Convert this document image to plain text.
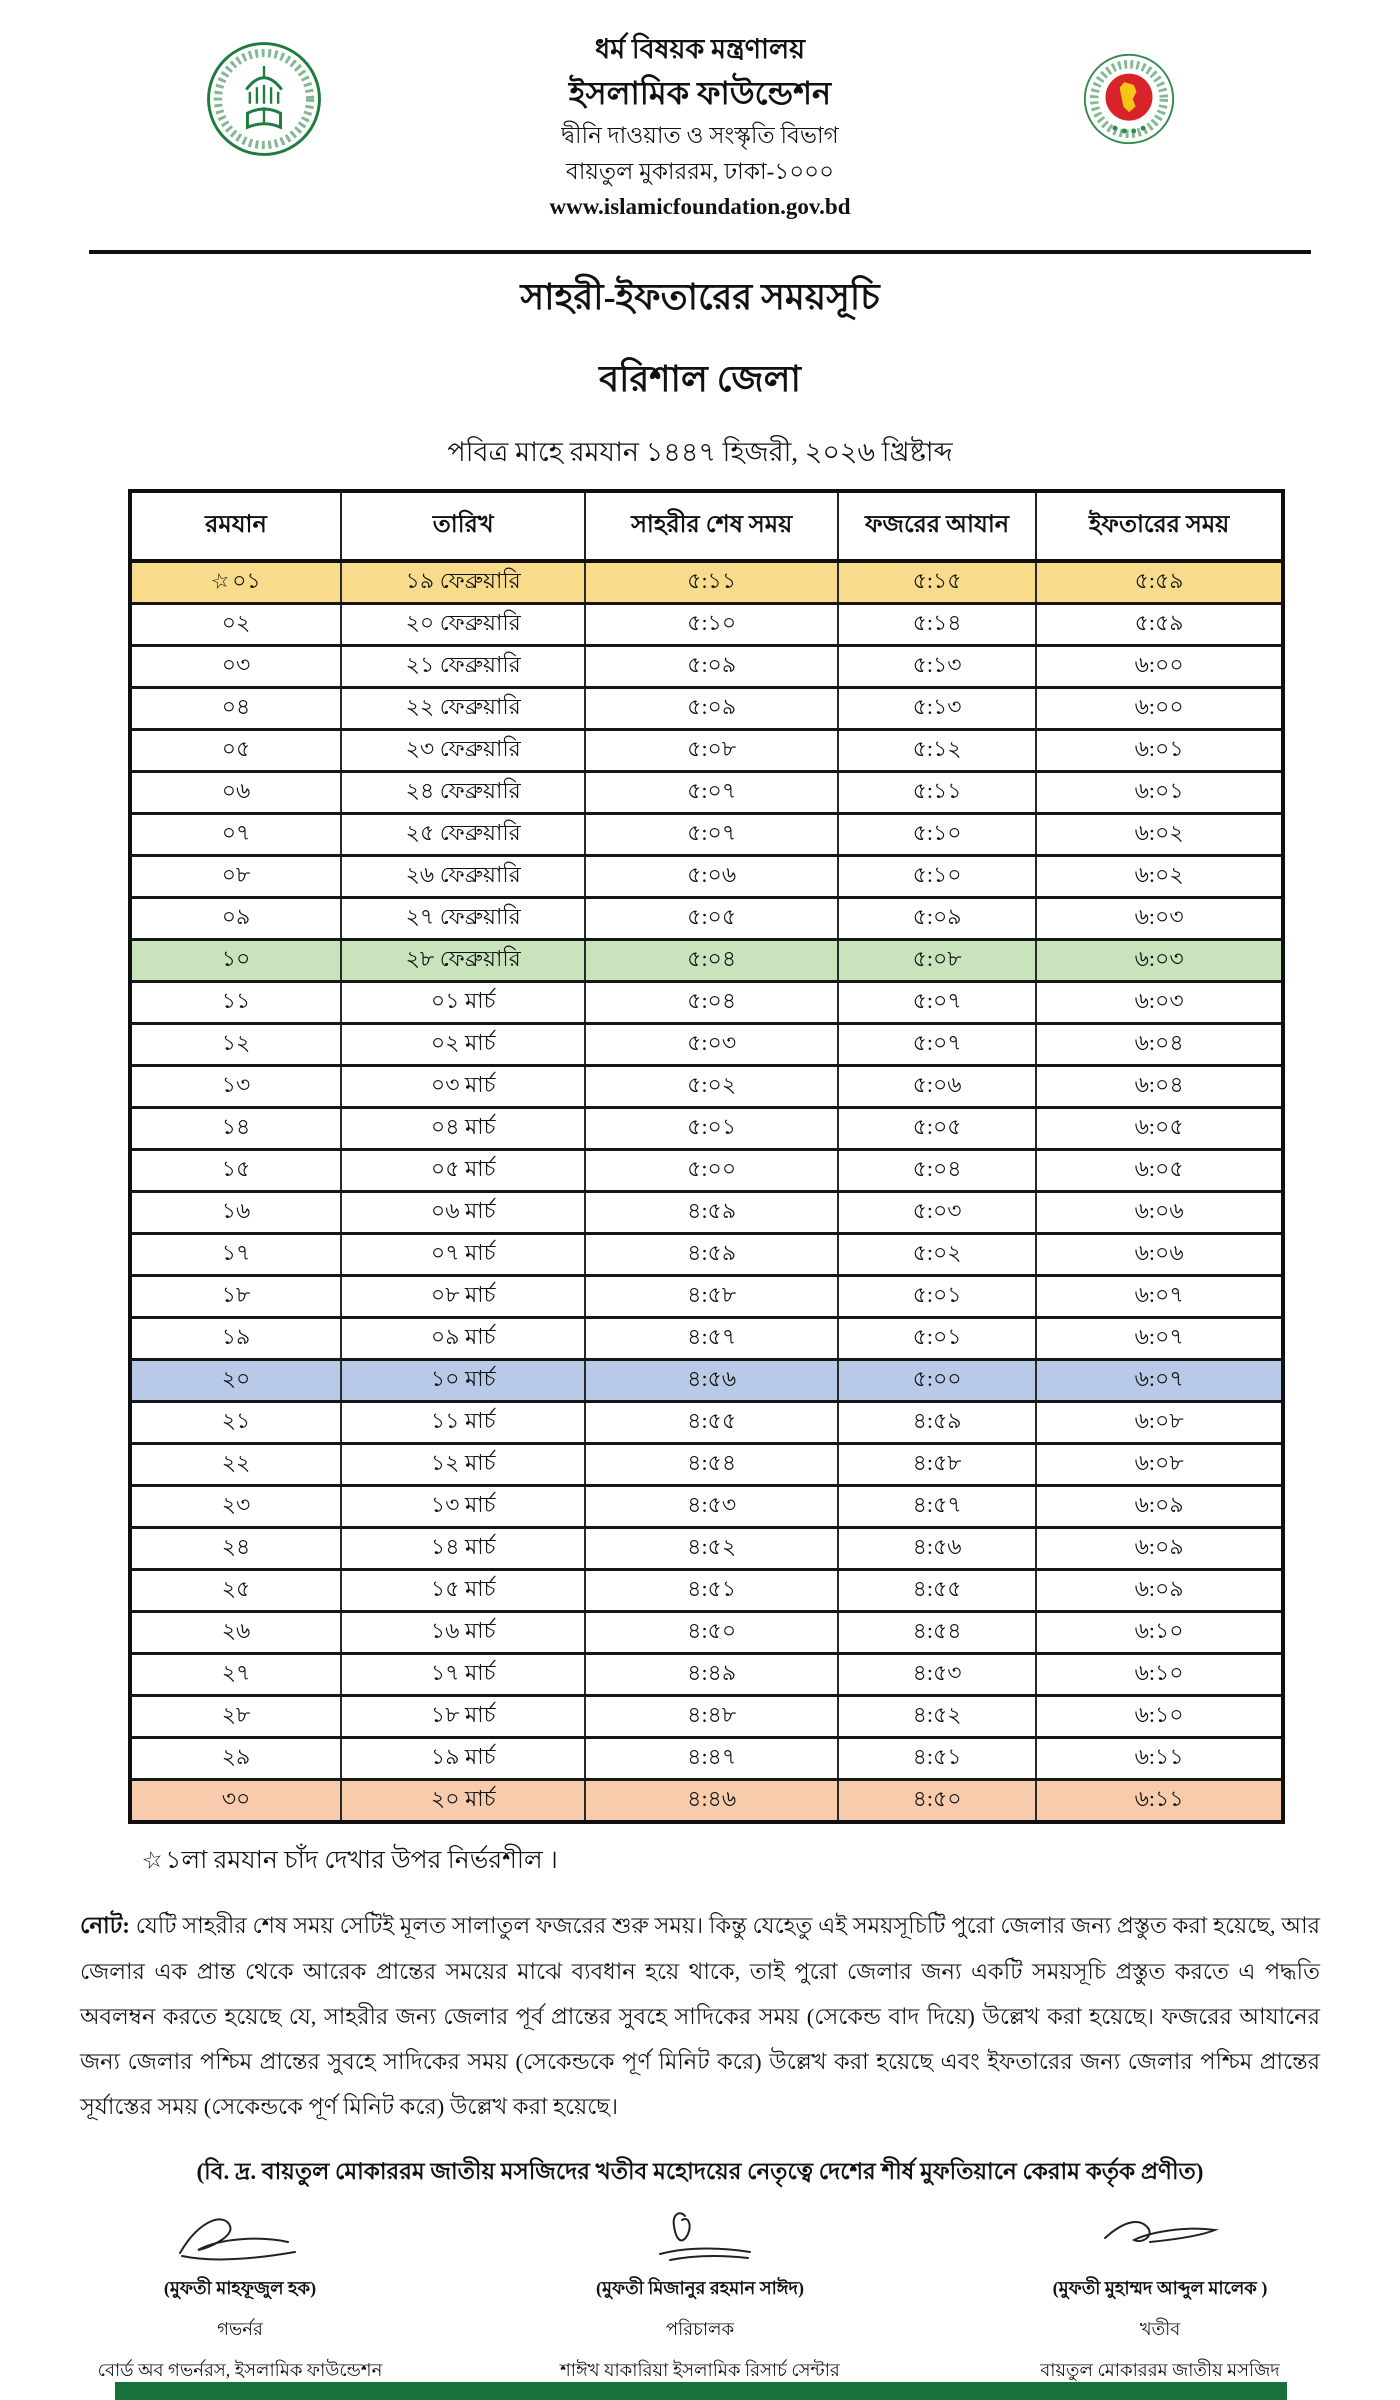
ধর্ম বিষয়ক মন্ত্রণালয়

ইসলামিক ফাউন্ডেশন

দ্বীনি দাওয়াত ও সংস্কৃতি বিভাগ

বায়তুল মুকাররম, ঢাকা-১০০০

www.islamicfoundation.gov.bd

সাহরী-ইফতারের সময়সূচি

বরিশাল জেলা

পবিত্র মাহে রমযান ১৪৪৭ হিজরী, ২০২৬ খ্রিষ্টাব্দ

রমযান	তারিখ	সাহরীর শেষ সময়	ফজরের আযান	ইফতারের সময়
☆০১	১৯ ফেব্রুয়ারি	৫:১১	৫:১৫	৫:৫৯
০২	২০ ফেব্রুয়ারি	৫:১০	৫:১৪	৫:৫৯
০৩	২১ ফেব্রুয়ারি	৫:০৯	৫:১৩	৬:০০
০৪	২২ ফেব্রুয়ারি	৫:০৯	৫:১৩	৬:০০
০৫	২৩ ফেব্রুয়ারি	৫:০৮	৫:১২	৬:০১
০৬	২৪ ফেব্রুয়ারি	৫:০৭	৫:১১	৬:০১
০৭	২৫ ফেব্রুয়ারি	৫:০৭	৫:১০	৬:০২
০৮	২৬ ফেব্রুয়ারি	৫:০৬	৫:১০	৬:০২
০৯	২৭ ফেব্রুয়ারি	৫:০৫	৫:০৯	৬:০৩
১০	২৮ ফেব্রুয়ারি	৫:০৪	৫:০৮	৬:০৩
১১	০১ মার্চ	৫:০৪	৫:০৭	৬:০৩
১২	০২ মার্চ	৫:০৩	৫:০৭	৬:০৪
১৩	০৩ মার্চ	৫:০২	৫:০৬	৬:০৪
১৪	০৪ মার্চ	৫:০১	৫:০৫	৬:০৫
১৫	০৫ মার্চ	৫:০০	৫:০৪	৬:০৫
১৬	০৬ মার্চ	৪:৫৯	৫:০৩	৬:০৬
১৭	০৭ মার্চ	৪:৫৯	৫:০২	৬:০৬
১৮	০৮ মার্চ	৪:৫৮	৫:০১	৬:০৭
১৯	০৯ মার্চ	৪:৫৭	৫:০১	৬:০৭
২০	১০ মার্চ	৪:৫৬	৫:০০	৬:০৭
২১	১১ মার্চ	৪:৫৫	৪:৫৯	৬:০৮
২২	১২ মার্চ	৪:৫৪	৪:৫৮	৬:০৮
২৩	১৩ মার্চ	৪:৫৩	৪:৫৭	৬:০৯
২৪	১৪ মার্চ	৪:৫২	৪:৫৬	৬:০৯
২৫	১৫ মার্চ	৪:৫১	৪:৫৫	৬:০৯
২৬	১৬ মার্চ	৪:৫০	৪:৫৪	৬:১০
২৭	১৭ মার্চ	৪:৪৯	৪:৫৩	৬:১০
২৮	১৮ মার্চ	৪:৪৮	৪:৫২	৬:১০
২৯	১৯ মার্চ	৪:৪৭	৪:৫১	৬:১১
৩০	২০ মার্চ	৪:৪৬	৪:৫০	৬:১১

☆১লা রমযান চাঁদ দেখার উপর নির্ভরশীল ।

নোট: যেটি সাহরীর শেষ সময় সেটিই মূলত সালাতুল ফজরের শুরু সময়। কিন্তু যেহেতু এই সময়সূচিটি পুরো জেলার জন্য প্রস্তুত করা হয়েছে, আর জেলার এক প্রান্ত থেকে আরেক প্রান্তের সময়ের মাঝে ব্যবধান হয়ে থাকে, তাই পুরো জেলার জন্য একটি সময়সূচি প্রস্তুত করতে এ পদ্ধতি অবলম্বন করতে হয়েছে যে, সাহরীর জন্য জেলার পূর্ব প্রান্তের সুবহে সাদিকের সময় (সেকেন্ড বাদ দিয়ে) উল্লেখ করা হয়েছে। ফজরের আযানের জন্য জেলার পশ্চিম প্রান্তের সুবহে সাদিকের সময় (সেকেন্ডকে পূর্ণ মিনিট করে) উল্লেখ করা হয়েছে এবং ইফতারের জন্য জেলার পশ্চিম প্রান্তের সূর্যাস্তের সময় (সেকেন্ডকে পূর্ণ মিনিট করে) উল্লেখ করা হয়েছে।

(বি. দ্র. বায়তুল মোকাররম জাতীয় মসজিদের খতীব মহোদয়ের নেতৃত্বে দেশের শীর্ষ মুফতিয়ানে কেরাম কর্তৃক প্রণীত)

(মুফতী মাহফূজুল হক)

গভর্নর

বোর্ড অব গভর্নরস, ইসলামিক ফাউন্ডেশন

(মুফতী মিজানুর রহমান সাঈদ)

পরিচালক

শাঈখ যাকারিয়া ইসলামিক রিসার্চ সেন্টার

(মুফতী মুহাম্মদ আব্দুল মালেক )

খতীব

বায়তুল মোকাররম জাতীয় মসজিদ
